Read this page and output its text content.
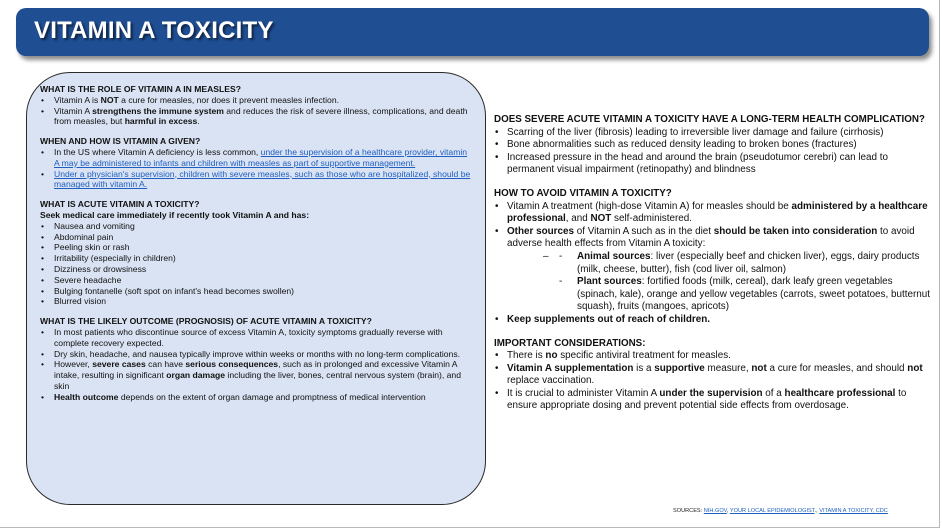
VITAMIN A TOXICITY
WHAT IS THE ROLE OF VITAMIN A IN MEASLES?
• Vitamin A is NOT a cure for measles, nor does it prevent measles infection.
• Vitamin A strengthens the immune system and reduces the risk of severe illness, complications, and death from measles, but harmful in excess.
WHEN AND HOW IS VITAMIN A GIVEN?
• In the US where Vitamin A deficiency is less common, under the supervision of a healthcare provider, vitamin A may be administered to infants and children with measles as part of supportive management.
• Under a physician's supervision, children with severe measles, such as those who are hospitalized, should be managed with vitamin A.
WHAT IS ACUTE VITAMIN A TOXICITY?
Seek medical care immediately if recently took Vitamin A and has:
• Nausea and vomiting
• Abdominal pain
• Peeling skin or rash
• Irritability (especially in children)
• Dizziness or drowsiness
• Severe headache
• Bulging fontanelle (soft spot on infant's head becomes swollen)
• Blurred vision
WHAT IS THE LIKELY OUTCOME (PROGNOSIS) OF ACUTE VITAMIN A TOXICITY?
• In most patients who discontinue source of excess Vitamin A, toxicity symptoms gradually reverse with complete recovery expected.
• Dry skin, headache, and nausea typically improve within weeks or months with no long-term complications.
• However, severe cases can have serious consequences, such as in prolonged and excessive Vitamin A intake, resulting in significant organ damage including the liver, bones, central nervous system (brain), and skin
• Health outcome depends on the extent of organ damage and promptness of medical intervention
DOES SEVERE ACUTE VITAMIN A TOXICITY HAVE A LONG-TERM HEALTH COMPLICATION?
• Scarring of the liver (fibrosis) leading to irreversible liver damage and failure (cirrhosis)
• Bone abnormalities such as reduced density leading to broken bones (fractures)
• Increased pressure in the head and around the brain (pseudotumor cerebri) can lead to permanent visual impairment (retinopathy) and blindness
HOW TO AVOID VITAMIN A TOXICITY?
• Vitamin A treatment (high-dose Vitamin A) for measles should be administered by a healthcare professional, and NOT self-administered.
• Other sources of Vitamin A such as in the diet should be taken into consideration to avoid adverse health effects from Vitamin A toxicity:
– - Animal sources: liver (especially beef and chicken liver), eggs, dairy products (milk, cheese, butter), fish (cod liver oil, salmon)
- Plant sources: fortified foods (milk, cereal), dark leafy green vegetables (spinach, kale), orange and yellow vegetables (carrots, sweet potatoes, butternut squash), fruits (mangoes, apricots)
• Keep supplements out of reach of children.
IMPORTANT CONSIDERATIONS:
• There is no specific antiviral treatment for measles.
• Vitamin A supplementation is a supportive measure, not a cure for measles, and should not replace vaccination.
• It is crucial to administer Vitamin A under the supervision of a healthcare professional to ensure appropriate dosing and prevent potential side effects from overdosage.
SOURCES: NIH.GOV, YOUR LOCAL EPIDEMIOLOGIST., VITAMIN A TOXICITY, CDC
